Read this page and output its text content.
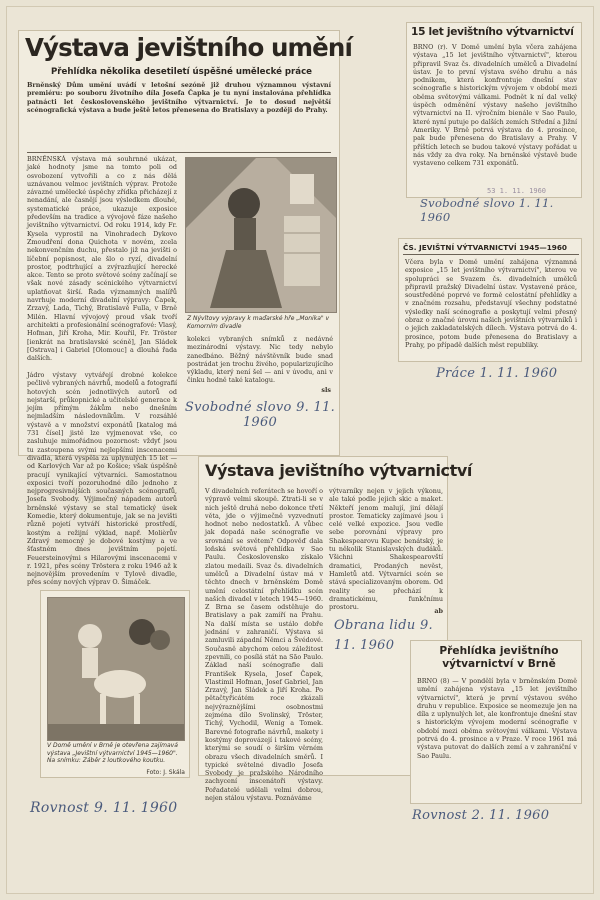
Výstava jevištního umění
Přehlídka několika desetiletí úspěšné umělecké práce
Brněnský Dům umění uvádí v letošní sezóně již druhou významnou výstavní premiéru: po souboru životního díla Josefa Čapka je tu nyní instalována přehlídka patnácti let československého jevištního výtvarnictví. Je to dosud největší scénografická výstava a bude ještě letos přenesena do Bratislavy a později do Prahy.
BRNĚNSKÁ výstava má souhrnné ukázat, jaké hodnoty jsme na tomto poli od osvobození vytvořili a co z nás dělá uznávanou velmoc jevištních výprav. Protože závazné umělecké úspěchy zřídka přicházejí z nenadání, ale časnějí jsou výsledkem dlouhé, systematické práce, ukazuje exposice především na tradice a vývojové fáze našeho jevištního výtvarnictví. Od roku 1914, kdy Fr. Kysela vyprostil na Vinohradech Dykovo Zmoudření dona Quichota v novém, zcela nekonvenčním duchu, přestalo již na jevišti o líčební popisnost, ale šlo o ryzí, divadelní prostor, podtrhující a zvýrazňující herecké akce. Tento se proto světové scény začínají se však nové zásady scénického výtvarnictví uplatňovat širší. Řada významných malířů navrhuje moderní divadelní výpravy: Čapek, Zrzavý, Lada, Tichý, Bratislavě Fulla, v Brně Milén. Hlavní vývojový proud však tvoří architekti a profesionální scénografové: Vlasý, Hofman, Jiří Kroha, Mir. Kouřil, Fr. Tröster [ienkrát na bratislavské scéně], Jan Sládek [Ostrava] i Gabriel [Olomouc] a dlouhá řada dalších.
Jádro výstavy vytvářejí drobné kolekce pečlivě vybraných návrhů, modelů a fotografií hotových scén jednotlivých autorů od nejstarší, průkopnické a učitelské generace k jejím přímým žákům nebo dnešním nejmladším následovníkům. V rozsáhlé výstavě a v množství exponátů [katalog má 731 čísel] jistě lze vyjmenovat vše, co zasluhuje mimořádnou pozornost: vždyť jsou tu zastoupena svými nejlepšími inscenacemi divadla, která vyspěla za uplynulých 15 let — od Karlových Var až po Košice; však úspěšně pracují vynikající výtvarníci. Samostatnou exposici tvoří pozoruhodné dílo jednoho z nejprogresivnějších současných scénografů, Josefa Svobody. Výjimečný nápadem autorů brněnské výstavy se stal tematický úsek Komedie, který dokumentuje, jak se na jevišti různě pojetí vytváří historické prostředí, kostým a režijní výklad, např. Molièrův Zdravý nemocný je dobové kostýmy a ve šťastném dnes jevištním pojetí. Feuersteinovými s Hilarovými inscenacemi v r. 1921, přes scény Tröstera z roku 1946 až k nejnovějším provedením v Tylově divadle, přes scény nových výprav O. Šimáček.
Z Nývltovy výpravy k maďarské hře „Monika" v Komorním divadle
kolekci vybraných snímků z nedávné mezinárodní výstavy. Nic tedy nebylo zanedbáno. Běžný návštěvník bude snad postrádat jen trochu živého, popularizujícího výkladu, který není šel — ani v úvodu, ani v činku hodně také katalogu.
sls
Svobodné slovo 9. 11. 1960
V Domě umění v Brně je otevřena zajímavá výstava „Jevištní výtvarnictví 1945—1960". Na snímku: Záběr z loutkového koutku.
Foto: J. Skála
Rovnost 9. 11. 1960
15 let jevištního výtvarnictví
BRNO (r). V Domě umění byla včera zahájena výstava „15 let jevištního výtvarnictví", kterou připravil Svaz čs. divadelních umělců a Divadelní ústav. Je to první výstava svého druhu a nás podnikem, která konfrontuje dnešní stav scénografie s historickým vývojem v období mezi oběma světovými válkami. Podnět k ní dal velký úspěch odměnění výstavy našeho jevištního výtvarnictví na II. výročním bienále v Sao Paulo, které nyní putuje po dalších zemích Střední a Jižní Ameriky. V Brně potrvá výstava do 4. prosince, pak bude přenesena do Bratislavy a Prahy. V příštích letech se budou takové výstavy pořádat u nás vždy za dva roky. Na brněnské výstavě bude vystaveno celkem 731 exponátů.
53 1. 11. 1960
Svobodné slovo 1. 11. 1960
ČS. JEVIŠTNÍ VÝTVARNICTVÍ 1945—1960
Včera byla v Domě umění zahájena významná exposice „15 let jevištního výtvarnictví", kterou ve spolupráci se Svazem čs. divadelních umělců připravil pražský Divadelní ústav. Vystavené práce, soustředěné poprvé ve formě celostátní přehlídky a v značném rozsahu, představují všechny podstatné výsledky naší scénografie a poskytují velmi přesný obraz o značné úrovni našich jevištních výtvarníků i o jejich zakladatelských dílech. Výstava potrvá do 4. prosince, potom bude přenesena do Bratislavy a Prahy, po případě dalších měst republiky.
Práce 1. 11. 1960
Výstava jevištního výtvarnictví
V divadelních referátech se hovoří o výpravě velmi skoupě. Ztrati-li se v nich ještě druhá nebo dokonce třetí věta, jde o výjimečně vyzvednutí hodnot nebo nedostatků. A vůbec jak dopadá naše scénografie ve srovnání se světem? Odpověď dala loňská světová přehlídka v Sao Paulu. Československo získalo zlatou medaili. Svaz čs. divadelních umělců a Divadelní ústav má v těchto dnech v brněnském Domě umění celostátní přehlídku scén naších divadel v letech 1945—1960. Z Brna se časem odstěhuje do Bratislavy a pak zamíří na Prahu. Na další místa se ustálo dobře jednání v zahraničí. Výstava si zamluvili západní Němci a Švédové. Současně abychom celou záležitost zpevnili, co posílá stát na São Paulo. Základ naší scénografie dali František Kysela, Josef Čapek, Vlastimil Hofman, Josef Gabriel, Jan Zrzavý, Jan Sládek a Jiří Kroha. Po pětačtyřicátém roce zkázali nejvýraznějšími osobnostmi zejména dílo Svolinský, Tröster, Tichý, Vychodil, Wenig a Tomek. Barevné fotografie návrhů, makety i kostýmy doprovázejí i takové scény, kterými se soudí o širším věrném obrazu všech divadelních směrů. I typické světelné divadlo Josefa Svobody je pražského Národního zachycení inscenátoři výstavy. Pořadatelé udělali velmi dobrou, nejen stálou výstavu. Poznáváme
výtvarníky nejen v jejich výkonu, ale také podle jejich skic a maket. Někteří jenom malují, jiní dělají prostor. Tematicky zajímavé jsou i celé velké expozice. Jsou vedle sebe porovnáni výpravy pro Shakespearovu Kupec benátský, je tu několik Stanislavských dudáků. Všichni Shakespearovští dramatici, Prodaných nevěst, Hamletů atd. Výtvarníci scén se stává specializovaným oborem. Od reality se přechází k dramatickému, funkčnímu prostoru.	ab
Obrana lidu 9. 11. 1960	Přehlídka jevištního výtvarnictví v Brně
BRNO (8) — V pondělí byla v brněnském Domě umění zahájena výstava „15 let jevištního výtvarnictví", která je první výstavou svého druhu v republice. Exposice se neomezuje jen na díla z uplynulých let, ale konfrontuje dnešní stav s historickým vývojem moderní scénografie v období mezi oběma světovými válkami. Výstava potrvá do 4. prosince a v Praze. V roce 1961 má výstava putovat do dalších zemí a v zahraniční v Sao Paulu.
Rovnost 2. 11. 1960
